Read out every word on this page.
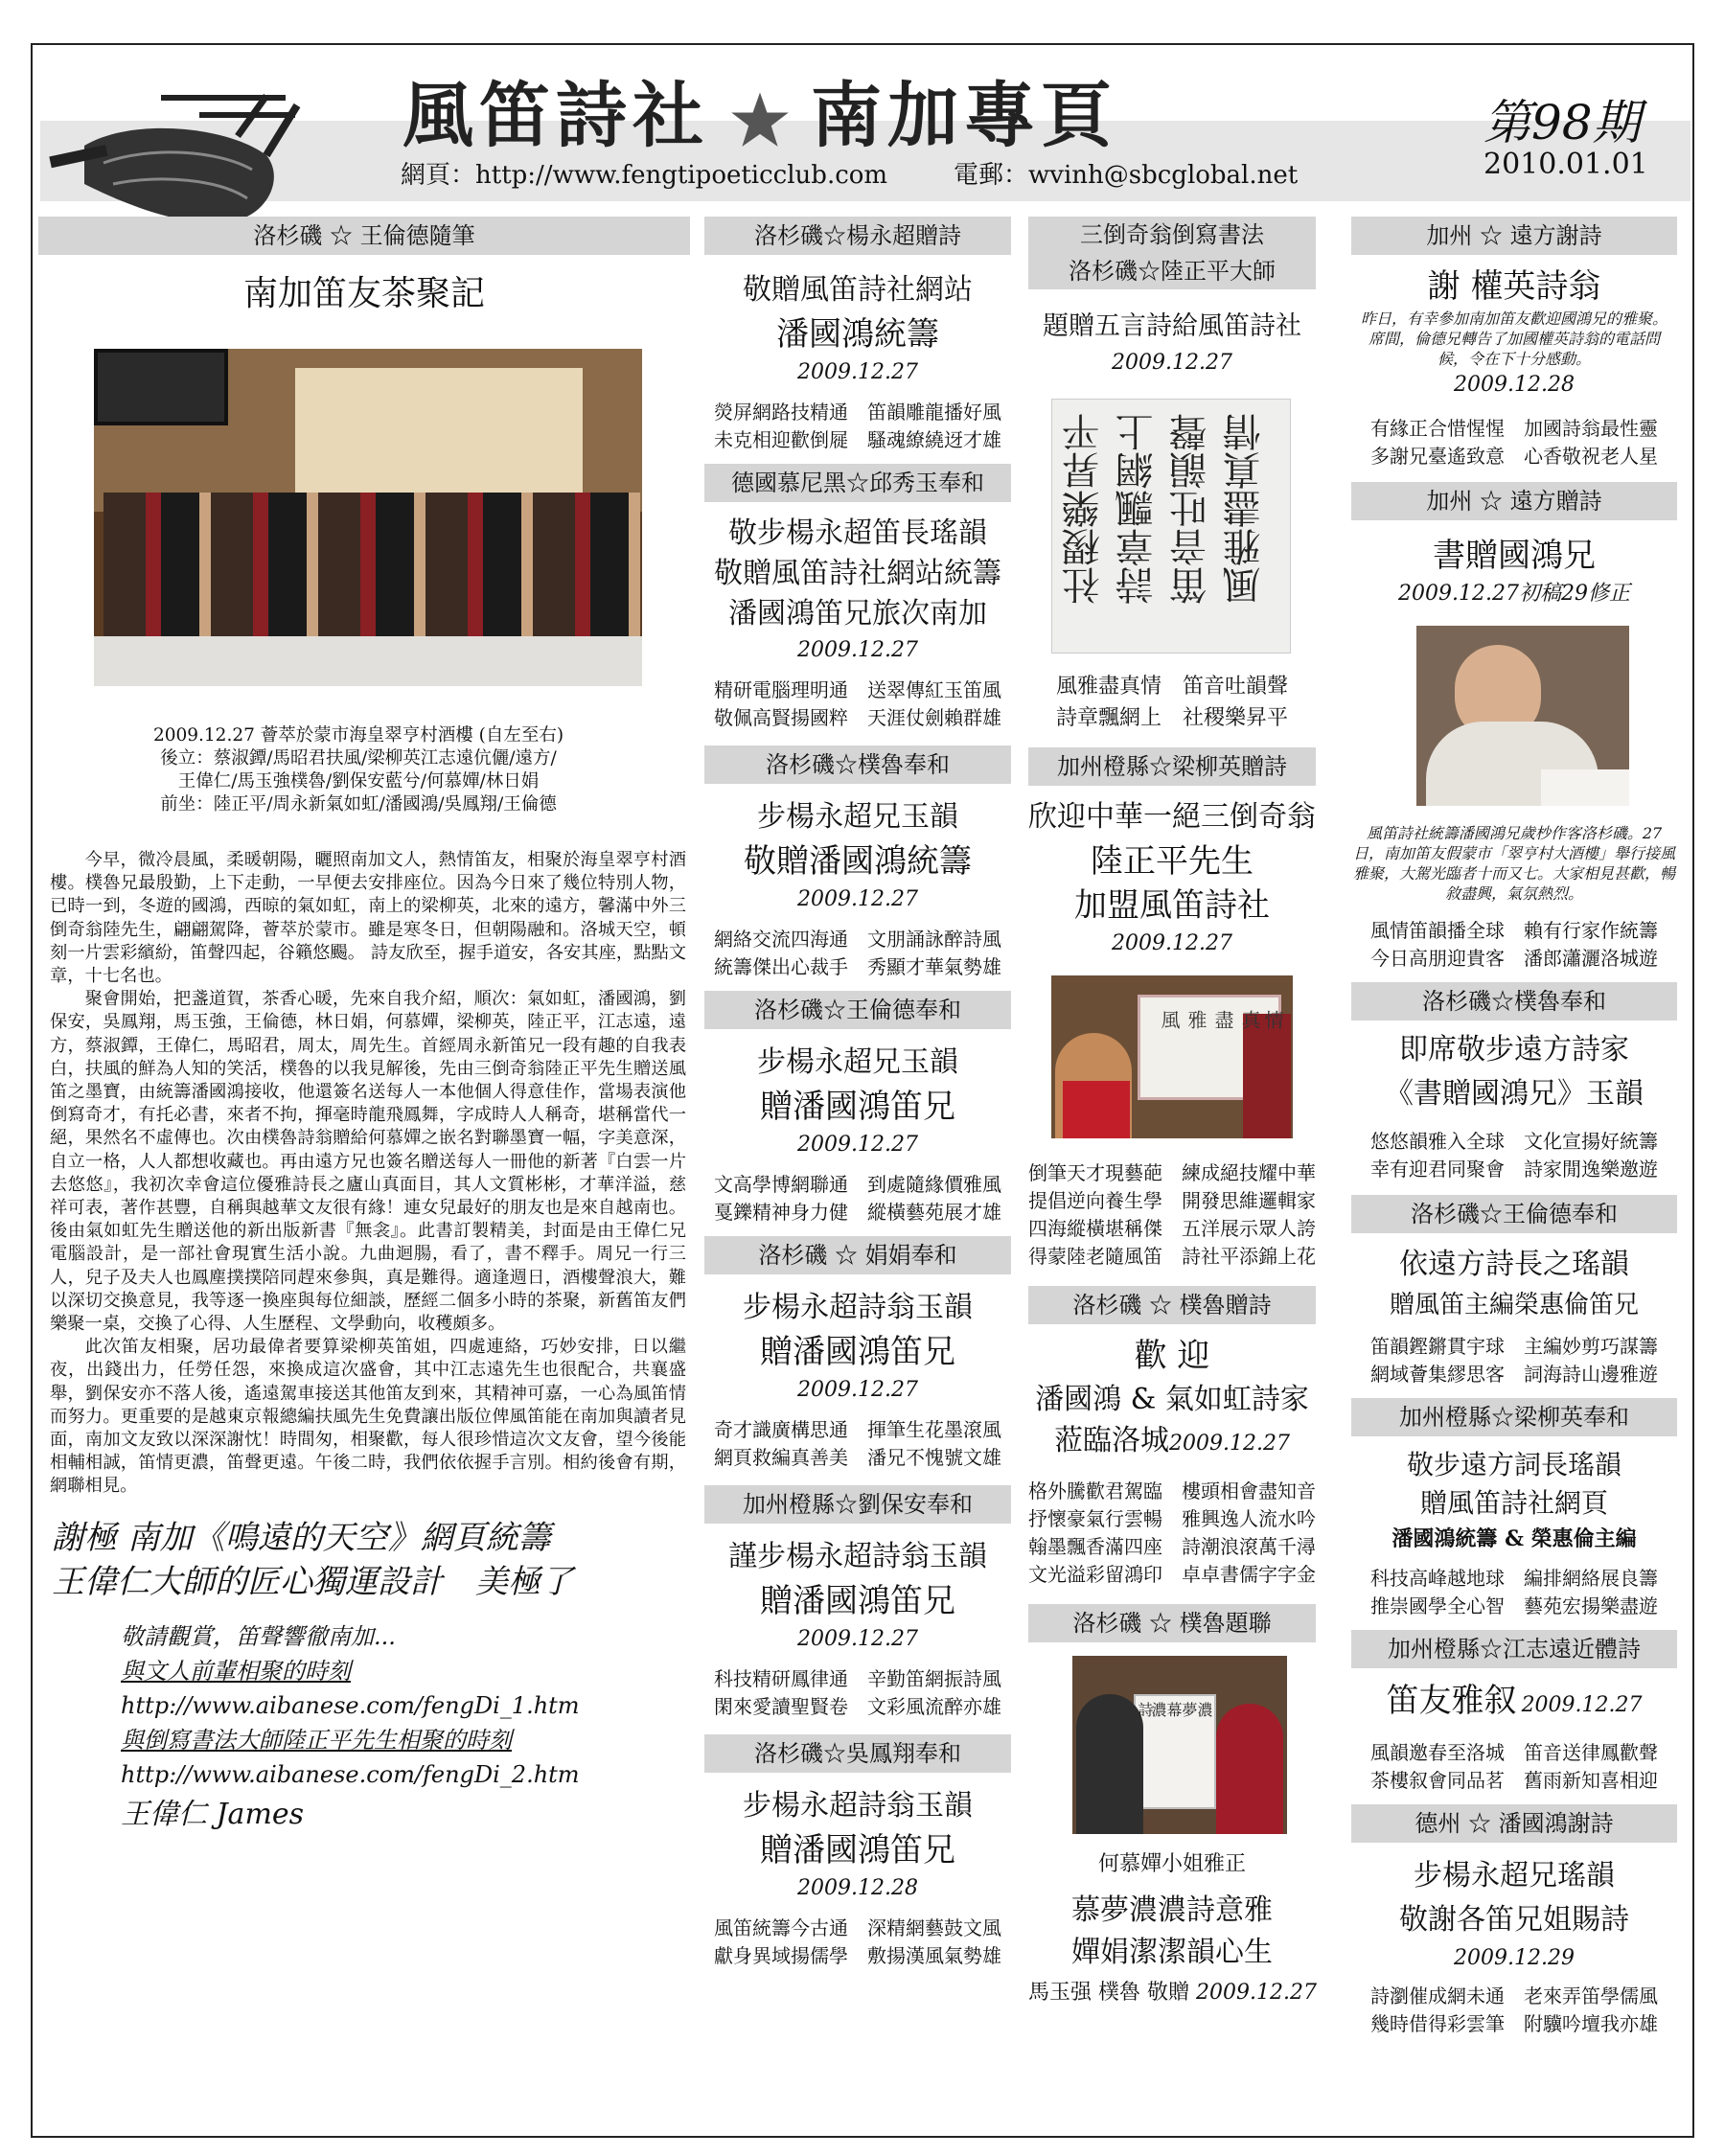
風笛詩社 南加專頁	第98期
2010.01.01
網頁：http://www.fengtipoeticclub.com	電郵：wvinh@sbcglobal.net
洛杉磯 ☆ 王倫德隨筆
南加笛友茶聚記
2009.12.27 薈萃於蒙市海皇翠亨村酒樓 (自左至右)
後立：蔡淑鐔/馬昭君扶風/梁柳英江志遠伉儷/遠方/
王偉仁/馬玉強樸魯/劉保安藍兮/何慕嬋/林日娟
前坐：陸正平/周永新氣如虹/潘國鴻/吳鳳翔/王倫德

今早，微冷晨風，柔暖朝陽，曬照南加文人，熱情笛友，相聚於海皇翠亨村酒樓。樸魯兄最殷勤，上下走動，一早便去安排座位。因為今日來了幾位特別人物，已時一到，冬遊的國鴻，西晾的氣如虹，南上的梁柳英，北來的遠方，馨滿中外三倒奇翁陸先生，翩翩駕降，薈萃於蒙市。雖是寒冬日，但朝陽融和。洛城天空，頓刻一片雲彩繽紛，笛聲四起，谷籟悠颺。 詩友欣至，握手道安，各安其座，點點文章，十七名也。

聚會開始，把盞道賀，茶香心暖，先來自我介紹，順次：氣如虹，潘國鴻，劉保安，吳鳳翔，馬玉強，王倫德，林日娟，何慕嬋，梁柳英，陸正平，江志遠，遠方，蔡淑鐔，王偉仁，馬昭君，周太，周先生。首經周永新笛兄一段有趣的自我表白，扶風的鮮為人知的笑活，樸魯的以我見解後，先由三倒奇翁陸正平先生贈送風笛之墨寶，由統籌潘國鴻接收，他還簽名送每人一本他個人得意佳作，當場表演他倒寫奇才，有托必書，來者不拘，揮毫時龍飛鳳舞，字成時人人稱奇，堪稱當代一絕，果然名不虛傳也。次由樸魯詩翁贈給何慕嬋之嵌名對聯墨寶一幅，字美意深，自立一格，人人都想收藏也。再由遠方兄也簽名贈送每人一冊他的新著『白雲一片去悠悠』，我初次幸會這位優雅詩長之廬山真面目，其人文質彬彬，才華洋溢，慈祥可表，著作甚豐，自稱與越華文友很有緣！連女兒最好的朋友也是來自越南也。後由氣如虹先生贈送他的新出版新書『無衾』。此書訂製精美，封面是由王偉仁兄電腦設計，是一部社會現實生活小說。九曲迴腸，看了，書不釋手。周兄一行三人，兒子及夫人也鳳塵撲撲陪同趕來參與，真是難得。適逢週日，酒樓聲浪大，難以深切交換意見，我等逐一換座與每位細談，歷經二個多小時的茶聚，新舊笛友們樂聚一桌，交換了心得、人生歷程、文學動向，收穫頗多。

此次笛友相聚，居功最偉者要算梁柳英笛姐，四處連絡，巧妙安排，日以繼夜，出錢出力，任勞任怨，來換成這次盛會，其中江志遠先生也很配合，共襄盛舉，劉保安亦不落人後，遙遠駕車接送其他笛友到來，其精神可嘉，一心為風笛情而努力。更重要的是越東京報總編扶風先生免費讓出版位俾風笛能在南加與讀者見面，南加文友致以深深謝忱！時間匆，相聚歡，每人很珍惜這次文友會，望今後能相輔相誠，笛情更濃，笛聲更遠。午後二時，我們依依握手言別。相約後會有期，網聯相見。

謝極 南加《鳴遠的天空》網頁統籌
王偉仁大師的匠心獨運設計　美極了
敬請觀賞，笛聲響徹南加...
與文人前輩相聚的時刻
http://www.aibanese.com/fengDi_1.htm
與倒寫書法大師陸正平先生相聚的時刻
http://www.aibanese.com/fengDi_2.htm
王偉仁 James
洛杉磯☆楊永超贈詩
敬贈風笛詩社網站
潘國鴻統籌
2009.12.27
熒屏網路技精通　笛韻雕龍播好風
未克相迎歡倒屣　騷魂繚繞迓才雄
德國慕尼黑☆邱秀玉奉和
敬步楊永超笛長瑤韻
敬贈風笛詩社網站統籌
潘國鴻笛兄旅次南加
2009.12.27
精研電腦理明通　送翠傳紅玉笛風
敬佩高賢揚國粹　天涯仗劍賴群雄
洛杉磯☆樸魯奉和
步楊永超兄玉韻
敬贈潘國鴻統籌
2009.12.27
網絡交流四海通　文朋誦詠醉詩風
統籌傑出心裁手　秀顯才華氣勢雄
洛杉磯☆王倫德奉和
步楊永超兄玉韻
贈潘國鴻笛兄
2009.12.27
文高學博網聯通　到處隨緣價雅風
戛鑠精神身力健　縱橫藝苑展才雄
洛杉磯 ☆ 娟娟奉和
步楊永超詩翁玉韻
贈潘國鴻笛兄
2009.12.27
奇才識廣構思通　揮筆生花墨滾風
網頁救編真善美　潘兄不愧號文雄
加州橙縣☆劉保安奉和
謹步楊永超詩翁玉韻
贈潘國鴻笛兄
2009.12.27
科技精研鳳律通　辛勤笛網振詩風
閑來愛讀聖賢卷　文彩風流醉亦雄
洛杉磯☆吳鳳翔奉和
步楊永超詩翁玉韻
贈潘國鴻笛兄
2009.12.28
風笛統籌今古通　深精網藝鼓文風
獻身異域揚儒學　敷揚漢風氣勢雄
三倒奇翁倒寫書法
洛杉磯☆陸正平大師
題贈五言詩給風笛詩社
2009.12.27
風雅盡真情
笛音吐韻聲
詩章飄網上
社稷樂昇平
風雅盡真情　笛音吐韻聲
詩章飄網上　社稷樂昇平
加州橙縣☆梁柳英贈詩
欣迎中華一絕三倒奇翁
陸正平先生
加盟風笛詩社
2009.12.27
風 雅 盡 真 情
倒筆天才現藝葩　練成絕技耀中華
提倡逆向養生學　開發思維邏輯家
四海縱橫堪稱傑　五洋展示眾人誇
得蒙陸老隨風笛　詩社平添錦上花
洛杉磯 ☆ 樸魯贈詩
歡 迎
潘國鴻 & 氣如虹詩家
蒞臨洛城2009.12.27
格外騰歡君駕臨　樓頭相會盡知音
抒懷豪氣行雲暢　雅興逸人流水吟
翰墨飄香滿四座　詩潮浪滾萬千潯
文光溢彩留鴻印　卓卓書儒字字金
洛杉磯 ☆ 樸魯題聯
幕
夢
濃
濃
詩
何慕嬋小姐雅正
慕夢濃濃詩意雅
嬋娟潔潔韻心生
馬玉强 樸魯 敬贈 2009.12.27
加州 ☆ 遠方謝詩
謝 權英詩翁
昨日，有幸參加南加笛友歡迎國鴻兄的雅聚。席間，倫德兄轉告了加國權英詩翁的電話問候，令在下十分感動。
2009.12.28
有緣正合惜惺惺　加國詩翁最性靈
多謝兄臺遙致意　心香敬祝老人星
加州 ☆ 遠方贈詩
書贈國鴻兄
2009.12.27初稿29修正
風笛詩社統籌潘國鴻兄歲杪作客洛杉磯。27日，南加笛友假蒙市「翠亨村大酒樓」舉行接風雅聚，大駕光臨者十而又七。大家相見甚歡，暢敘盡興，氣氛熱烈。
風情笛韻播全球　賴有行家作統籌
今日高朋迎貴客　潘郎瀟灑洛城遊
洛杉磯☆樸魯奉和
即席敬步遠方詩家
《書贈國鴻兄》玉韻
悠悠韻雅入全球　文化宣揚好統籌
幸有迎君同聚會　詩家閒逸樂邀遊
洛杉磯☆王倫德奉和
依遠方詩長之瑤韻
贈風笛主編榮惠倫笛兄
笛韻鏗鏘貫宇球　主編妙剪巧謀籌
網域薈集繆思客　詞海詩山邊雅遊
加州橙縣☆梁柳英奉和
敬步遠方詞長瑤韻
贈風笛詩社網頁
潘國鴻統籌 & 榮惠倫主編
科技高峰越地球　編排網絡展良籌
推崇國學全心智　藝苑宏揚樂盡遊
加州橙縣☆江志遠近體詩
笛友雅叙 2009.12.27
風韻邀春至洛城　笛音送律鳳歡聲
茶樓叙會同品茗　舊雨新知喜相迎
德州 ☆ 潘國鴻謝詩
步楊永超兄瑤韻
敬謝各笛兄姐賜詩
2009.12.29
詩瀏催成網未通　老來弄笛學儒風
幾時借得彩雲筆　附驥吟壇我亦雄
